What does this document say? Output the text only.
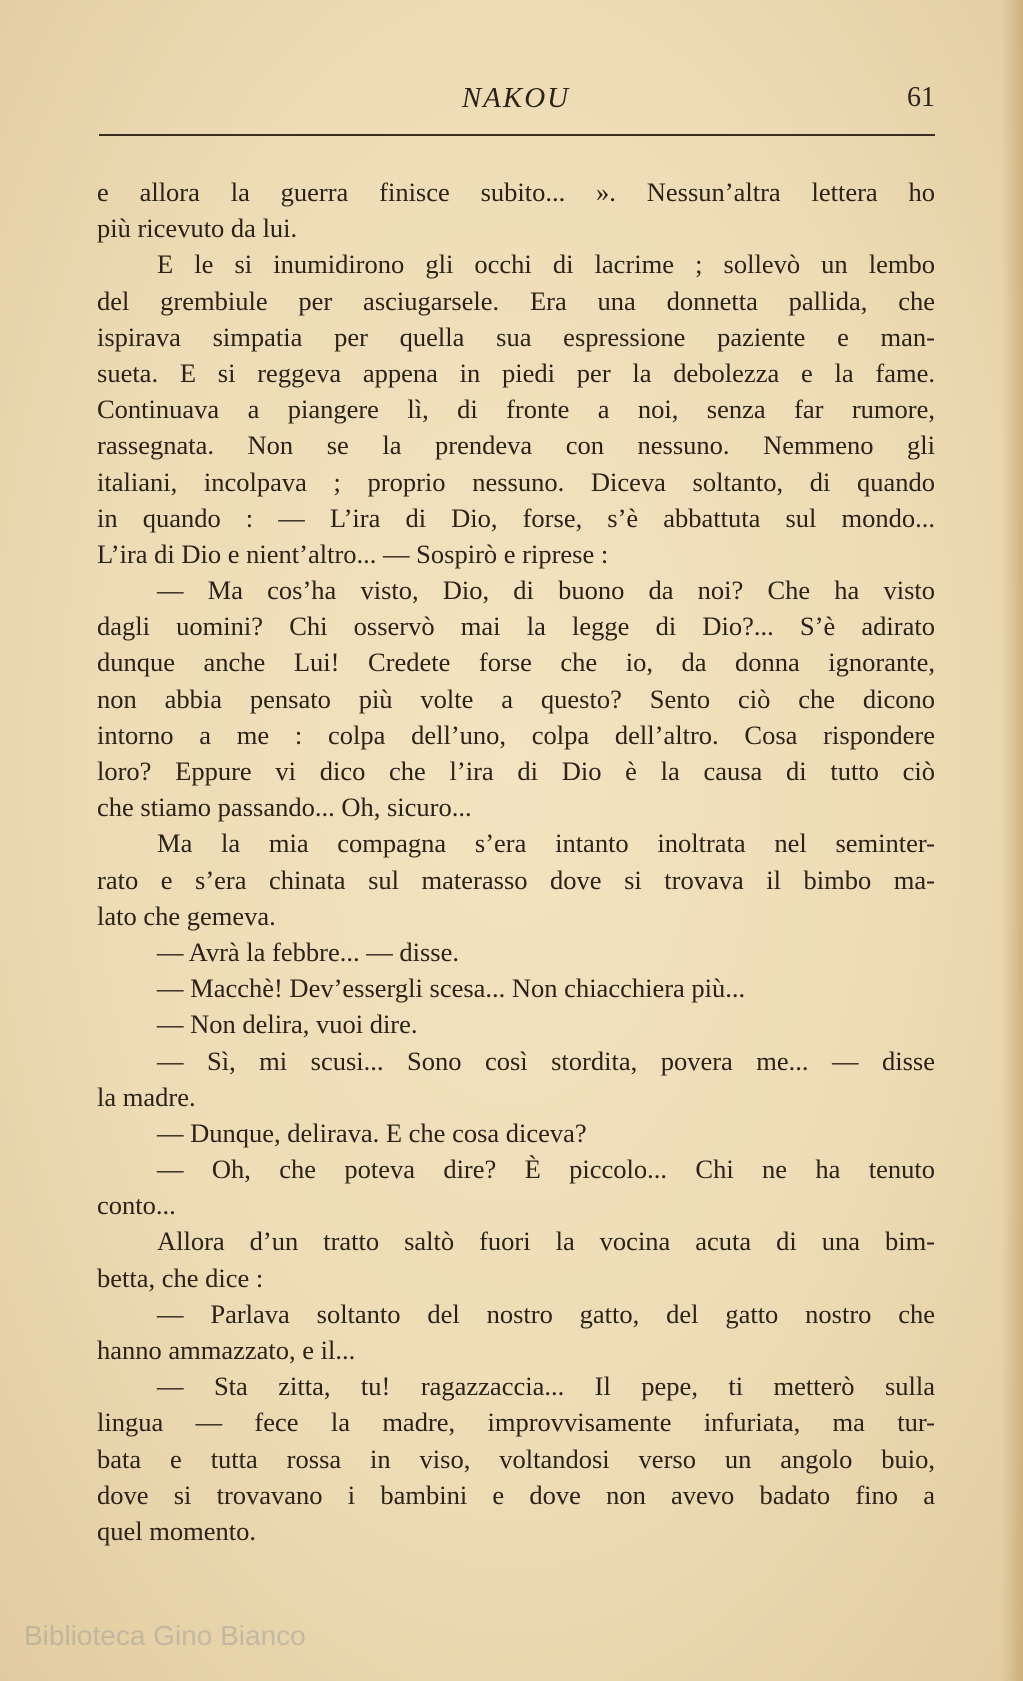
NAKOU	61
e allora la guerra finisce subito... ». Nessun’altra lettera ho
più ricevuto da lui.
E le si inumidirono gli occhi di lacrime ; sollevò un lembo
del grembiule per asciugarsele. Era una donnetta pallida, che
ispirava simpatia per quella sua espressione paziente e man-
sueta. E si reggeva appena in piedi per la debolezza e la fame.
Continuava a piangere lì, di fronte a noi, senza far rumore,
rassegnata. Non se la prendeva con nessuno. Nemmeno gli
italiani, incolpava ; proprio nessuno. Diceva soltanto, di quando
in quando : — L’ira di Dio, forse, s’è abbattuta sul mondo...
L’ira di Dio e nient’altro... — Sospirò e riprese :
— Ma cos’ha visto, Dio, di buono da noi? Che ha visto
dagli uomini? Chi osservò mai la legge di Dio?... S’è adirato
dunque anche Lui! Credete forse che io, da donna ignorante,
non abbia pensato più volte a questo? Sento ciò che dicono
intorno a me : colpa dell’uno, colpa dell’altro. Cosa rispondere
loro? Eppure vi dico che l’ira di Dio è la causa di tutto ciò
che stiamo passando... Oh, sicuro...
Ma la mia compagna s’era intanto inoltrata nel seminter-
rato e s’era chinata sul materasso dove si trovava il bimbo ma-
lato che gemeva.
— Avrà la febbre... — disse.
— Macchè! Dev’essergli scesa... Non chiacchiera più...
— Non delira, vuoi dire.
— Sì, mi scusi... Sono così stordita, povera me... — disse
la madre.
— Dunque, delirava. E che cosa diceva?
— Oh, che poteva dire? È piccolo... Chi ne ha tenuto
conto...
Allora d’un tratto saltò fuori la vocina acuta di una bim-
betta, che dice :
— Parlava soltanto del nostro gatto, del gatto nostro che
hanno ammazzato, e il...
— Sta zitta, tu! ragazzaccia... Il pepe, ti metterò sulla
lingua — fece la madre, improvvisamente infuriata, ma tur-
bata e tutta rossa in viso, voltandosi verso un angolo buio,
dove si trovavano i bambini e dove non avevo badato fino a
quel momento.
Biblioteca Gino Bianco
